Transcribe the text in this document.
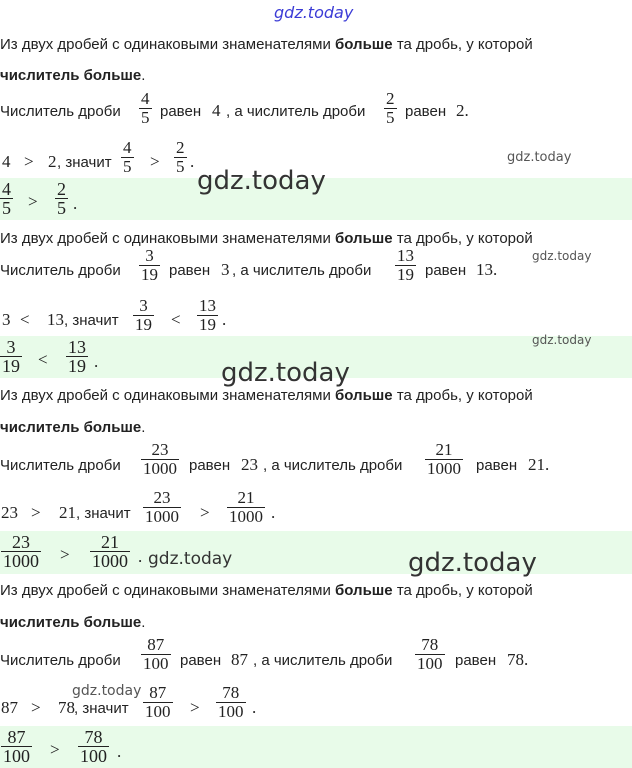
gdz.today
Из двух дробей с одинаковыми знаменателями больше та дробь, у которой
числитель больше.
Числитель дроби $\frac{4}{5}$ равен 4 , а числитель дроби $\frac{2}{5}$ равен 2.
4 > 2 , значит $\frac{4}{5} > \frac{2}{5}$ .
$\frac{4}{5} > \frac{2}{5}$ .
gdz.today
gdz.today
Из двух дробей с одинаковыми знаменателями больше та дробь, у которой
Числитель дроби $\frac{3}{19}$ равен 3 , а числитель дроби $\frac{13}{19}$ равен 13.
3 < 13 , значит $\frac{3}{19} < \frac{13}{19}$ .
$\frac{3}{19} < \frac{13}{19}$ .
gdz.today
gdz.today
gdz.today
Из двух дробей с одинаковыми знаменателями больше та дробь, у которой
числитель больше.
Числитель дроби $\frac{23}{1000}$ равен 23 , а числитель дроби $\frac{21}{1000}$ равен 21.
23 > 21 , значит $\frac{23}{1000} > \frac{21}{1000}$ .
$\frac{23}{1000} > \frac{21}{1000}$ . gdz.today	gdz.today
Из двух дробей с одинаковыми знаменателями больше та дробь, у которой
числитель больше.
Числитель дроби $\frac{87}{100}$ равен 87 , а числитель дроби $\frac{78}{100}$ равен 78.
87 > 78 , значит $\frac{87}{100} > \frac{78}{100}$ .
$\frac{87}{100} > \frac{78}{100}$ .
gdz.today
